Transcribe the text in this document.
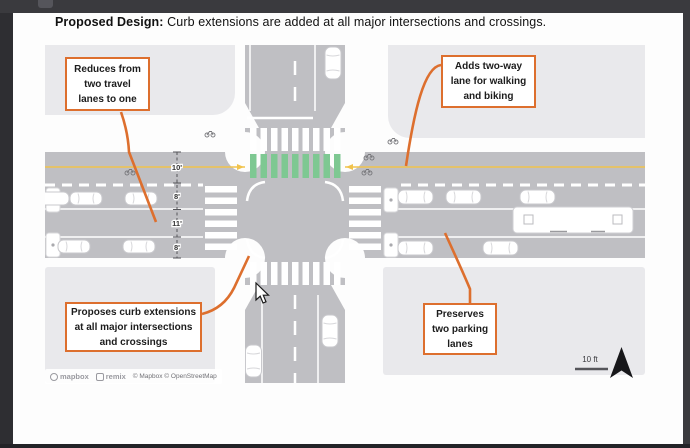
Proposed Design: Curb extensions are added at all major intersections and crossings.
10'
8'
11'
8'
10 ft
Reduces from
two travel
lanes to one
Adds two-way
lane for walking
and biking
Proposes curb extensions
at all major intersections
and crossings
Preserves
two parking
lanes
mapbox remix © Mapbox © OpenStreetMap
